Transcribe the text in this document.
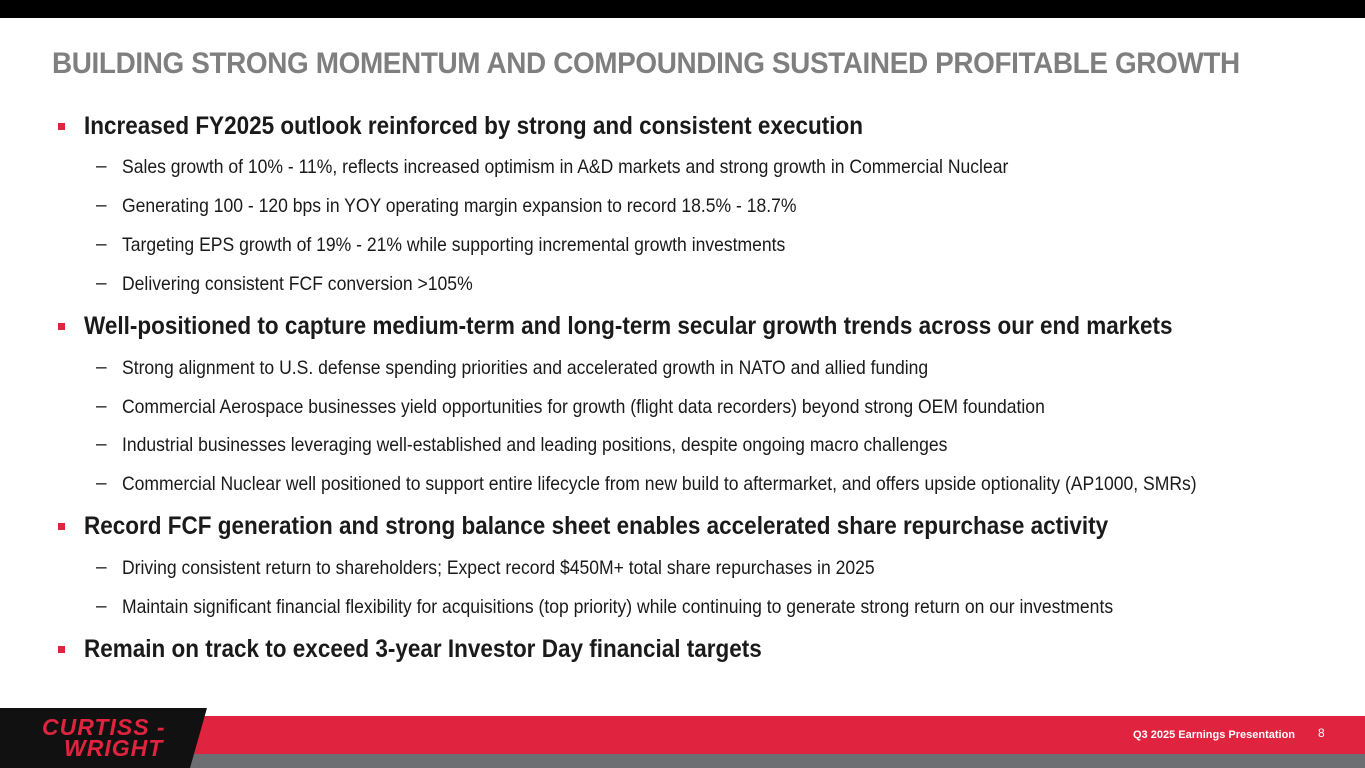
BUILDING STRONG MOMENTUM AND COMPOUNDING SUSTAINED PROFITABLE GROWTH
Increased FY2025 outlook reinforced by strong and consistent execution
– Sales growth of 10% - 11%, reflects increased optimism in A&D markets and strong growth in Commercial Nuclear
– Generating 100 - 120 bps in YOY operating margin expansion to record 18.5% - 18.7%
– Targeting EPS growth of 19% - 21% while supporting incremental growth investments
– Delivering consistent FCF conversion >105%
Well-positioned to capture medium-term and long-term secular growth trends across our end markets
– Strong alignment to U.S. defense spending priorities and accelerated growth in NATO and allied funding
– Commercial Aerospace businesses yield opportunities for growth (flight data recorders) beyond strong OEM foundation
– Industrial businesses leveraging well-established and leading positions, despite ongoing macro challenges
– Commercial Nuclear well positioned to support entire lifecycle from new build to aftermarket, and offers upside optionality (AP1000, SMRs)
Record FCF generation and strong balance sheet enables accelerated share repurchase activity
– Driving consistent return to shareholders; Expect record $450M+ total share repurchases in 2025
– Maintain significant financial flexibility for acquisitions (top priority) while continuing to generate strong return on our investments
Remain on track to exceed 3-year Investor Day financial targets
CURTISS -
WRIGHT	Q3 2025 Earnings Presentation 8
